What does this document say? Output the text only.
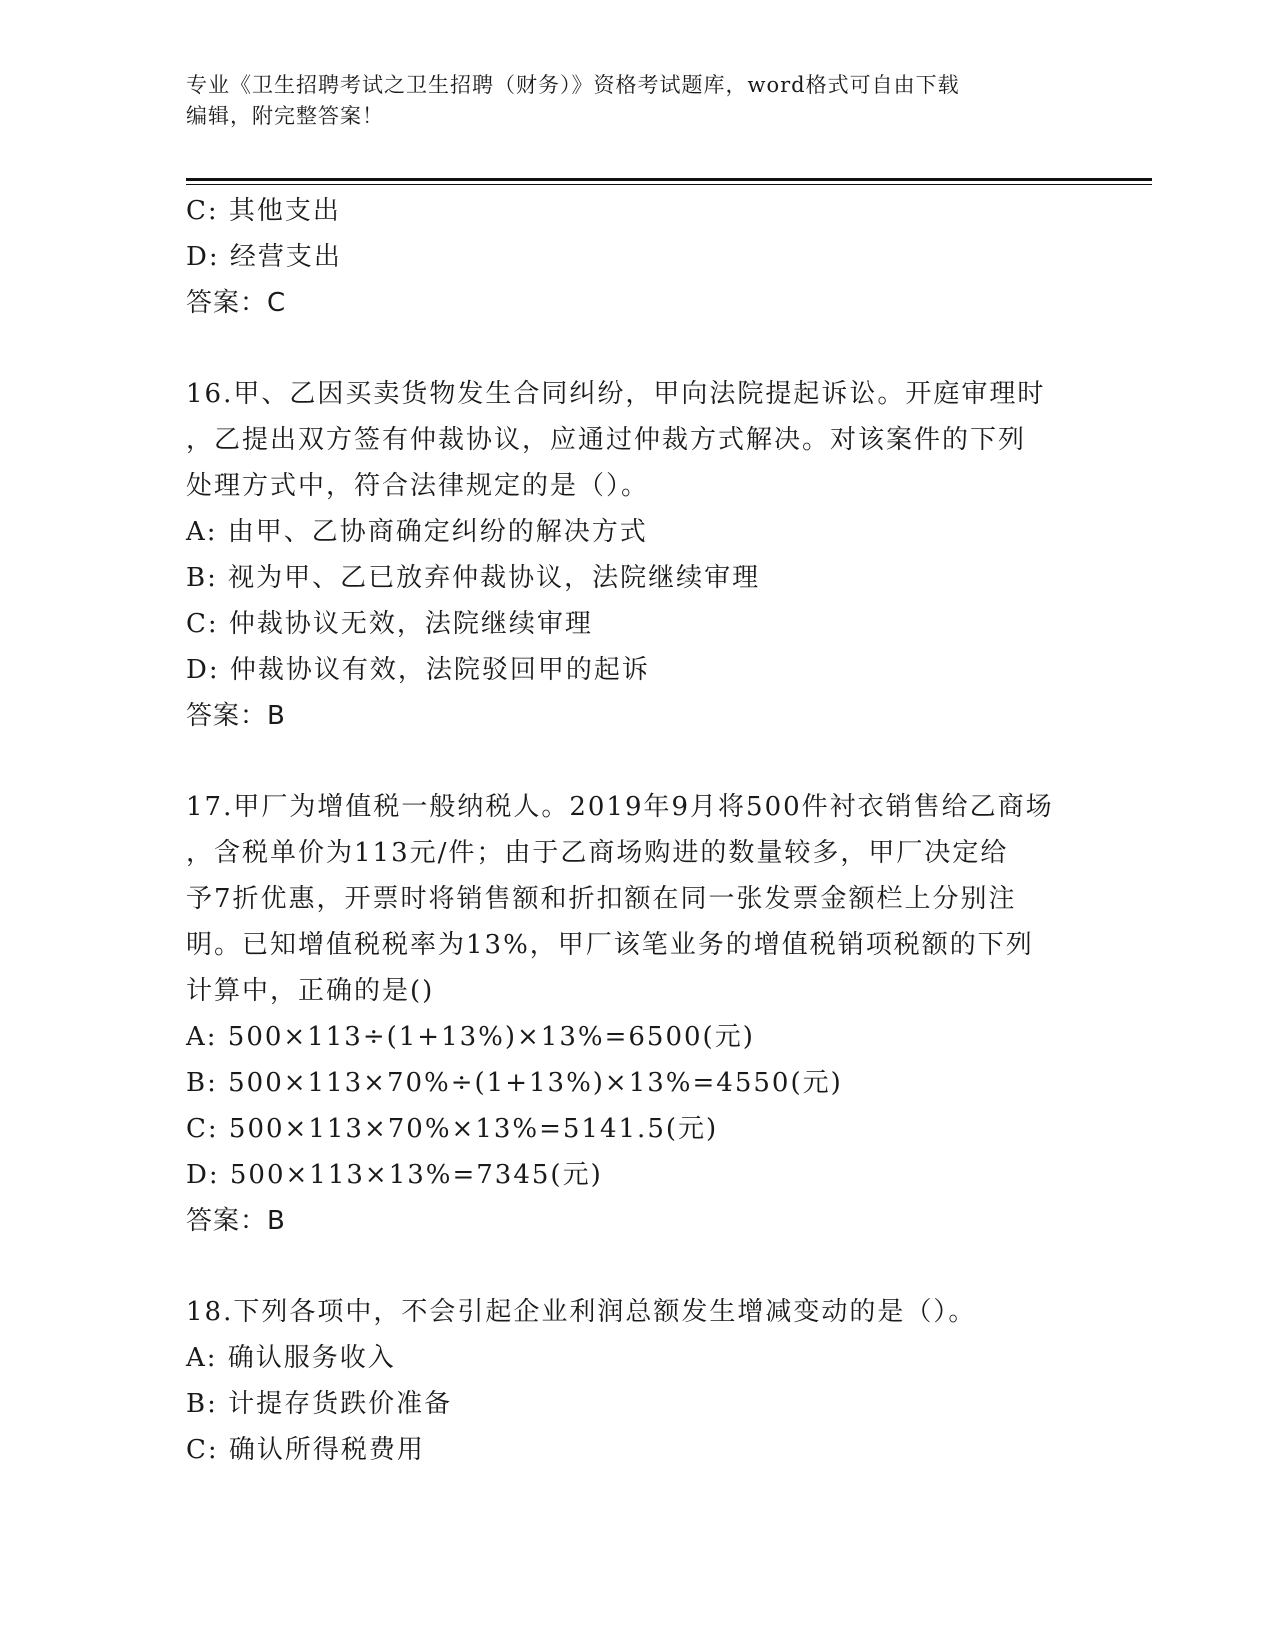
专业《卫生招聘考试之卫生招聘（财务）》资格考试题库，word格式可自由下载
编辑，附完整答案！
C: 其他支出
D: 经营支出
答案：C
16.甲、乙因买卖货物发生合同纠纷，甲向法院提起诉讼。开庭审理时
，乙提出双方签有仲裁协议，应通过仲裁方式解决。对该案件的下列
处理方式中，符合法律规定的是（）。
A: 由甲、乙协商确定纠纷的解决方式
B: 视为甲、乙已放弃仲裁协议，法院继续审理
C: 仲裁协议无效，法院继续审理
D: 仲裁协议有效，法院驳回甲的起诉
答案：B
17.甲厂为增值税一般纳税人。2019年9月将500件衬衣销售给乙商场
，含税单价为113元/件；由于乙商场购进的数量较多，甲厂决定给
予7折优惠，开票时将销售额和折扣额在同一张发票金额栏上分别注
明。已知增值税税率为13%，甲厂该笔业务的增值税销项税额的下列
计算中，正确的是()
A: 500×113÷(1+13%)×13%=6500(元)
B: 500×113×70%÷(1+13%)×13%=4550(元)
C: 500×113×70%×13%=5141.5(元)
D: 500×113×13%=7345(元)
答案：B
18.下列各项中，不会引起企业利润总额发生增减变动的是（）。
A: 确认服务收入
B: 计提存货跌价准备
C: 确认所得税费用
